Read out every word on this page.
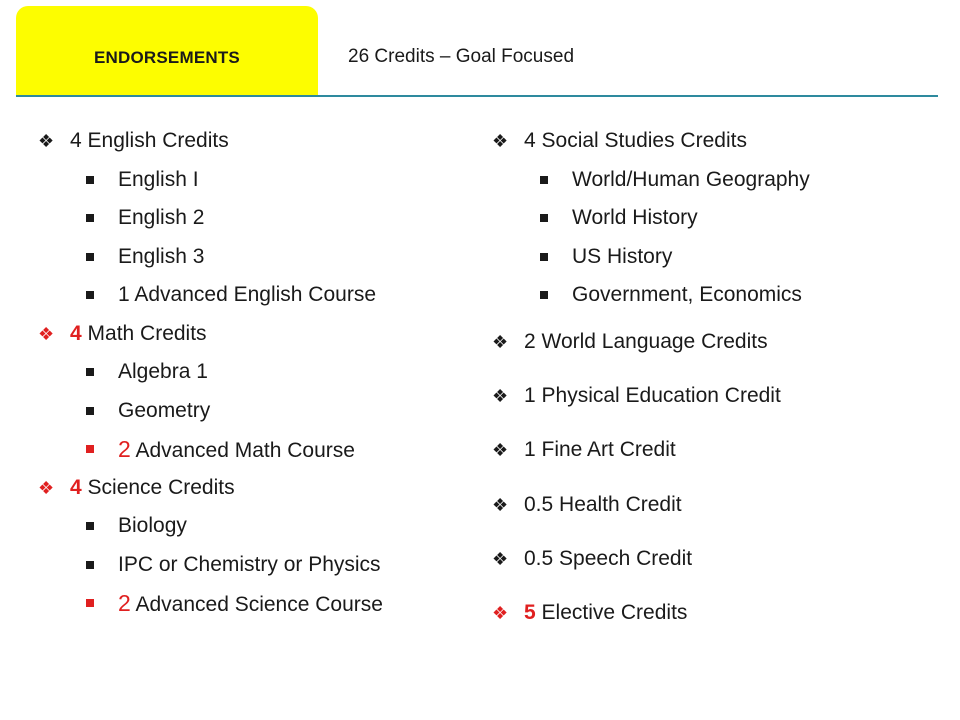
ENDORSEMENTS	26 Credits – Goal Focused
❖ 4 English Credits
English I
English 2
English 3
1 Advanced English Course
❖ 4 Math Credits
Algebra 1
Geometry
2 Advanced Math Course
❖ 4 Science Credits
Biology
IPC or Chemistry or Physics
2 Advanced Science Course
❖ 4 Social Studies Credits
World/Human Geography
World History
US History
Government, Economics
❖ 2 World Language Credits
❖ 1 Physical Education Credit
❖ 1 Fine Art Credit
❖ 0.5 Health Credit
❖ 0.5 Speech Credit
❖ 5 Elective Credits
